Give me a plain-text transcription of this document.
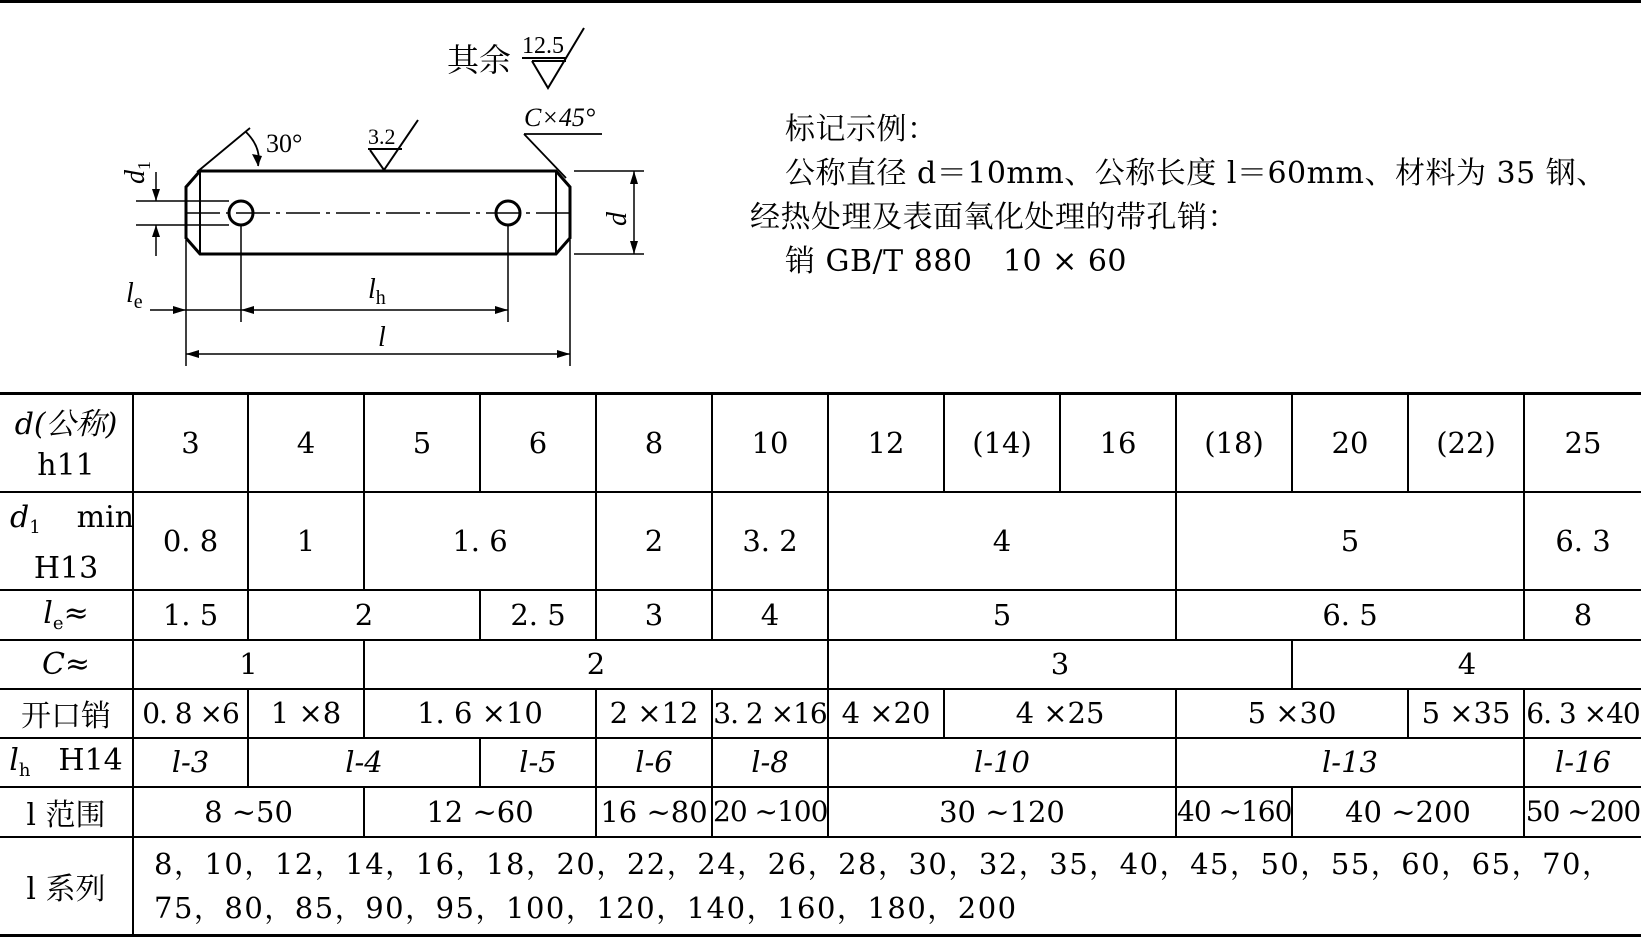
其余 12.5
3.2
30°
C×45°
$d_1$
d
$l_e$	$l_h$
l
标记示例：
公称直径 d＝10mm、公称长度 l＝60mm、材料为 35 钢、
经热处理及表面氧化处理的带孔销：
销 GB/T 880　10 × 60
d(公称)
h11	3	4	5	6	8	10	12	(14)	16	(18)	20	(22)	25

$d_1$ min
H13	0. 8	1	1. 6		2	3. 2	4			5			6. 3
$l_e\approx$	1. 5	2		2. 5	3	4	5			6. 5			8
C≈	1		2				3				4		
开口销	0. 8 ×6	1 ×8	1. 6 ×10		2 ×12	3. 2 ×16	4 ×20	4 ×25		5 ×30		5 ×35	6. 3 ×40
$l_h$ H14	l-3	l-4		l-5	l-6	l-8	l-10			l-13			l-16
l 范围	8 ~50		12 ~60		16 ~80	20 ~100	30 ~120			40 ~160	40 ~200		50 ~200
l 系列	8，10，12，14，16，18，20，22，24，26，28，30，32，35，40，45，50，55，60，65，70，75，80，85，90，95，100，120，140，160，180，200												
